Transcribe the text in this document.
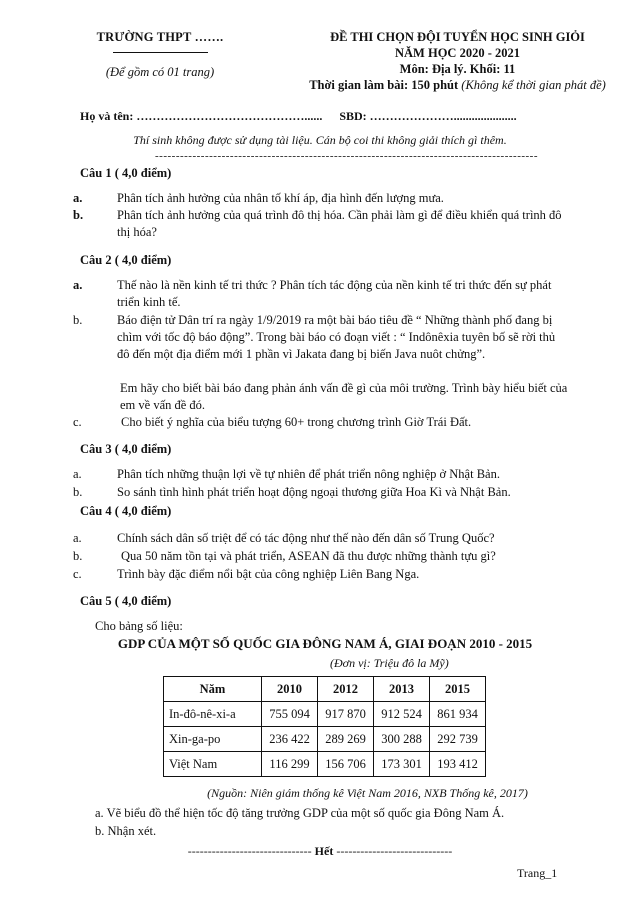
TRƯỜNG THPT …….
(Để gồm có 01 trang)
ĐỀ THI CHỌN ĐỘI TUYỂN HỌC SINH GIỎI
NĂM HỌC 2020 - 2021
Môn: Địa lý. Khối: 11
Thời gian làm bài: 150 phút (Không kể thời gian phát đề)
Họ và tên: ……………………………………...... SBD: ………………….....................
Thí sinh không được sử dụng tài liệu. Cán bộ coi thi không giải thích gì thêm.
--------------------------------------------------------------------------------------------
Câu 1 ( 4,0 điểm)
a.	Phân tích ảnh hưởng của nhân tố khí áp, địa hình đến lượng mưa.
b.	Phân tích ảnh hưởng của quá trình đô thị hóa. Cần phải làm gì để điều khiển quá trình đô thị hóa?
Câu 2 ( 4,0 điểm)
a.	Thế nào là nền kinh tế tri thức ? Phân tích tác động của nền kinh tế tri thức đến sự phát triển kinh tế.
b.	Báo điện tử Dân trí ra ngày 1/9/2019 ra một bài báo tiêu đề “ Những thành phố đang bị chìm với tốc độ báo động”. Trong bài báo có đoạn viết : “ Indônêxia tuyên bố sẽ rời thủ đô đến một địa điểm mới 1 phần vì Jakata đang bị biến Java nuôt chửng”.
Em hãy cho biết bài báo đang phản ánh vấn đề gì của môi trường. Trình bày hiểu biết của em về vấn đề đó.
c.	Cho biết ý nghĩa của biểu tượng 60+ trong chương trình Giờ Trái Đất.
Câu 3 ( 4,0 điểm)
a.	Phân tích những thuận lợi về tự nhiên để phát triển nông nghiệp ở Nhật Bản.
b.	So sánh tình hình phát triển hoạt động ngoại thương giữa Hoa Kì và Nhật Bản.
Câu 4 ( 4,0 điểm)
a.	Chính sách dân số triệt để có tác động như thế nào đến dân số Trung Quốc?
b.	Qua 50 năm tồn tại và phát triển, ASEAN đã thu được những thành tựu gì?
c.	Trình bày đặc điểm nổi bật của công nghiệp Liên Bang Nga.
Câu 5 ( 4,0 điểm)
Cho bảng số liệu:
GDP CỦA MỘT SỐ QUỐC GIA ĐÔNG NAM Á, GIAI ĐOẠN 2010 - 2015
(Đơn vị: Triệu đô la Mỹ)
Năm	2010	2012	2013	2015
In-đô-nê-xi-a	755 094	917 870	912 524	861 934
Xin-ga-po	236 422	289 269	300 288	292 739
Việt Nam	116 299	156 706	173 301	193 412
(Nguồn: Niên giám thống kê Việt Nam 2016, NXB Thống kê, 2017)
a. Vẽ biểu đồ thể hiện tốc độ tăng trưởng GDP của một số quốc gia Đông Nam Á.
b. Nhận xét.
------------------------------- Hết -----------------------------
Trang_1
